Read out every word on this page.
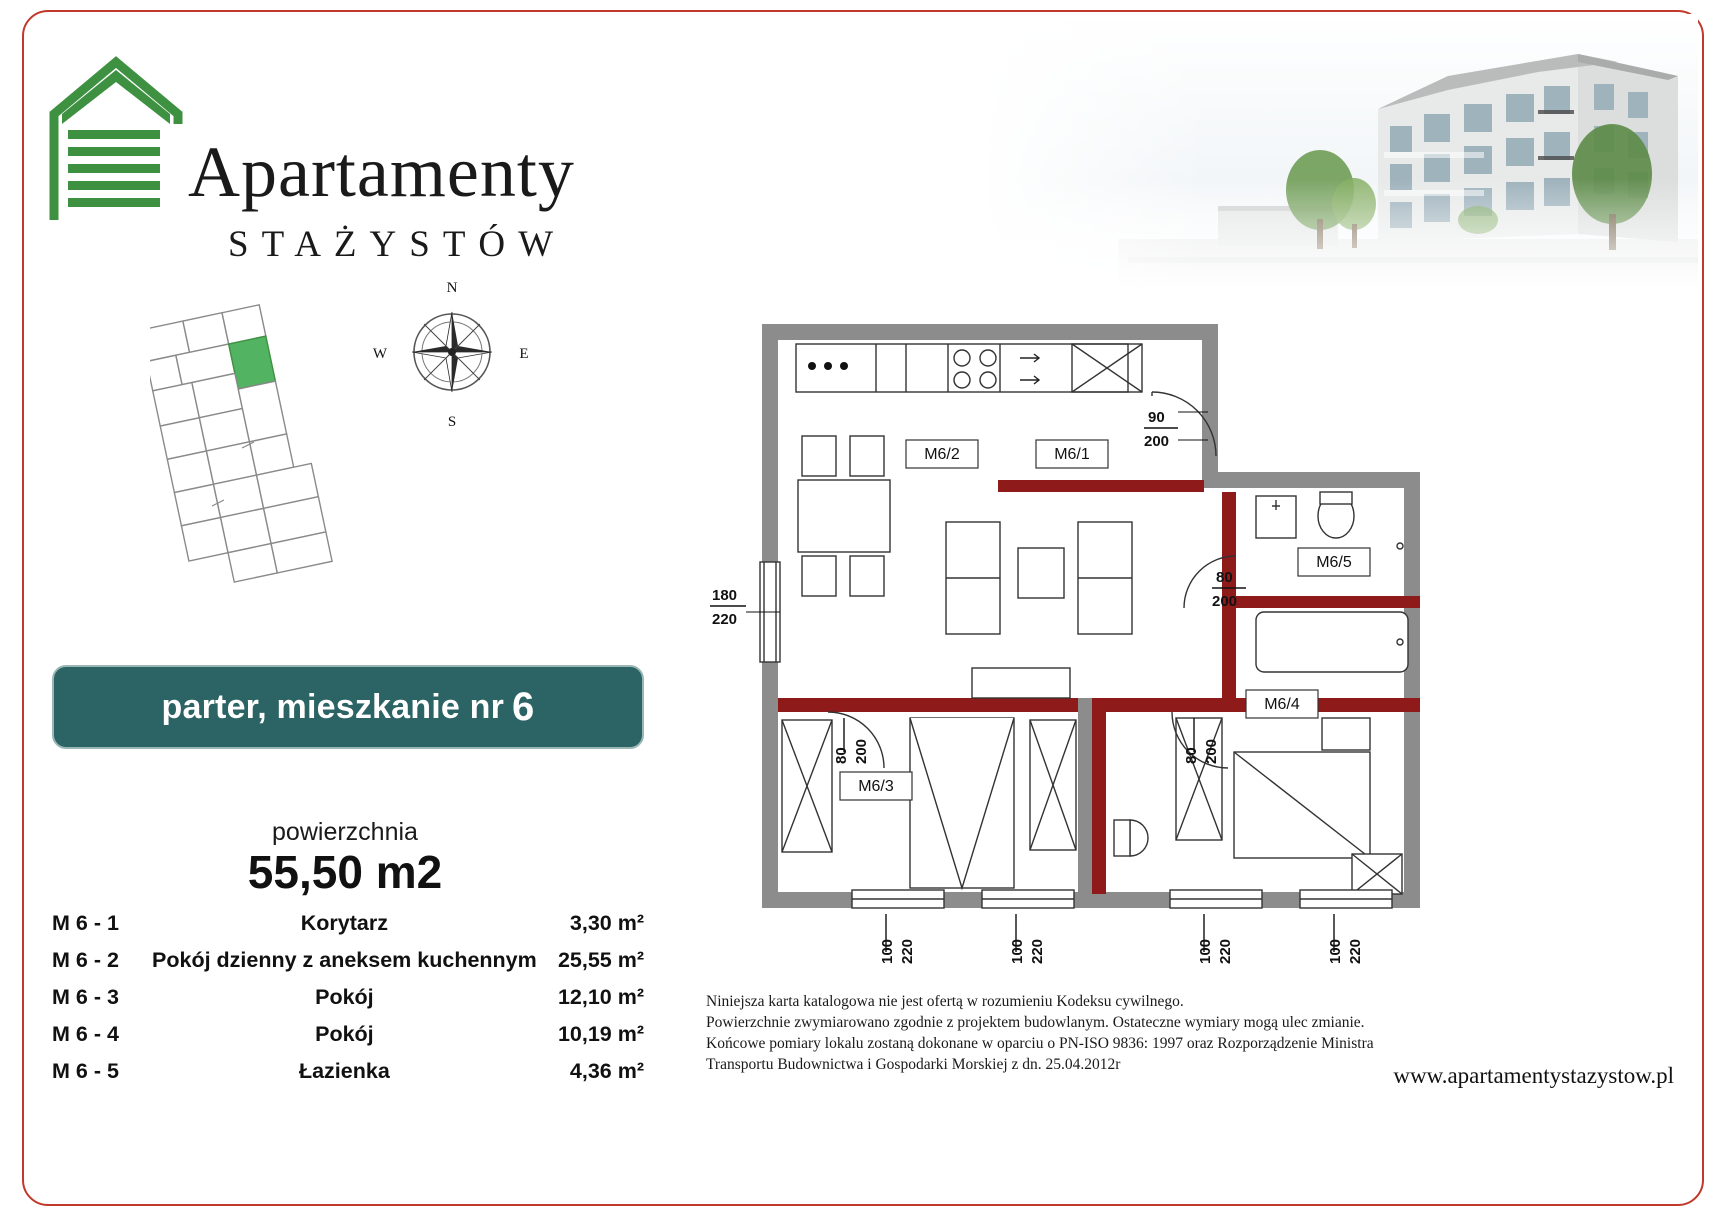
Apartamenty
STAŻYSTÓW
N
S
E
W
parter, mieszkanie nr 6
powierzchnia
55,50 m2
M 6 - 1	Korytarz	3,30 m²
M 6 - 2	Pokój dzienny z aneksem kuchennym	25,55 m²
M 6 - 3	Pokój	12,10 m²
M 6 - 4	Pokój	10,19 m²
M 6 - 5	Łazienka	4,36 m²
M6/2	M6/1
M6/3
M6/4
M6/5
180
220
90
200
80
200
80 200	80 200
100 220	100 220	100 220	100 220
Niniejsza karta katalogowa nie jest ofertą w rozumieniu Kodeksu cywilnego.
Powierzchnie zwymiarowano zgodnie z projektem budowlanym. Ostateczne wymiary mogą ulec zmianie.
Końcowe pomiary lokalu zostaną dokonane w oparciu o PN-ISO 9836: 1997 oraz Rozporządzenie Ministra
Transportu Budownictwa i Gospodarki Morskiej z dn. 25.04.2012r	www.apartamentystazystow.pl
